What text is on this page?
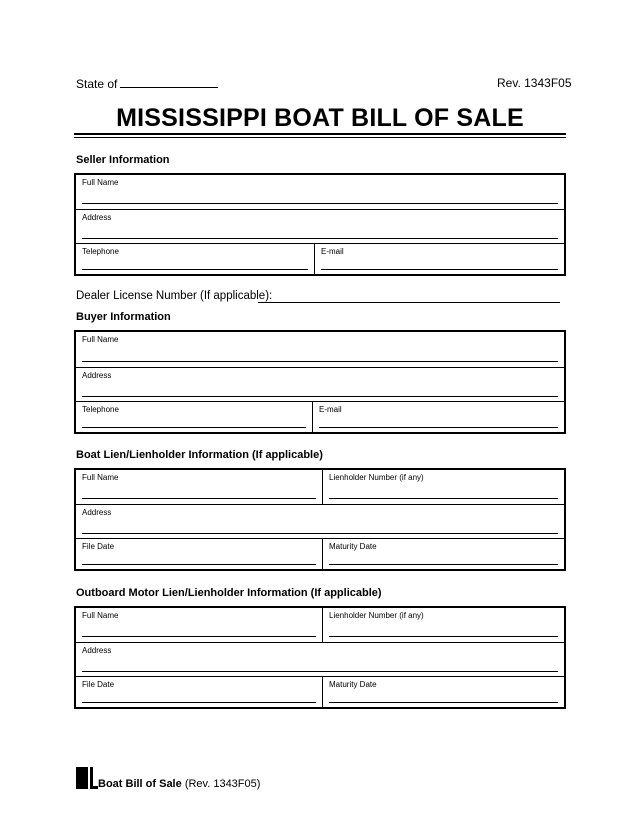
State of	Rev. 1343F05
MISSISSIPPI BOAT BILL OF SALE
Seller Information
Full Name
Address
Telephone	E-mail
Dealer License Number (If applicable):
Buyer Information
Full Name
Address
Telephone	E-mail
Boat Lien/Lienholder Information (If applicable)
Full Name	Lienholder Number (if any)
Address
File Date	Maturity Date
Outboard Motor Lien/Lienholder Information (If applicable)
Full Name	Lienholder Number (if any)
Address
File Date	Maturity Date
Boat Bill of Sale (Rev. 1343F05)
